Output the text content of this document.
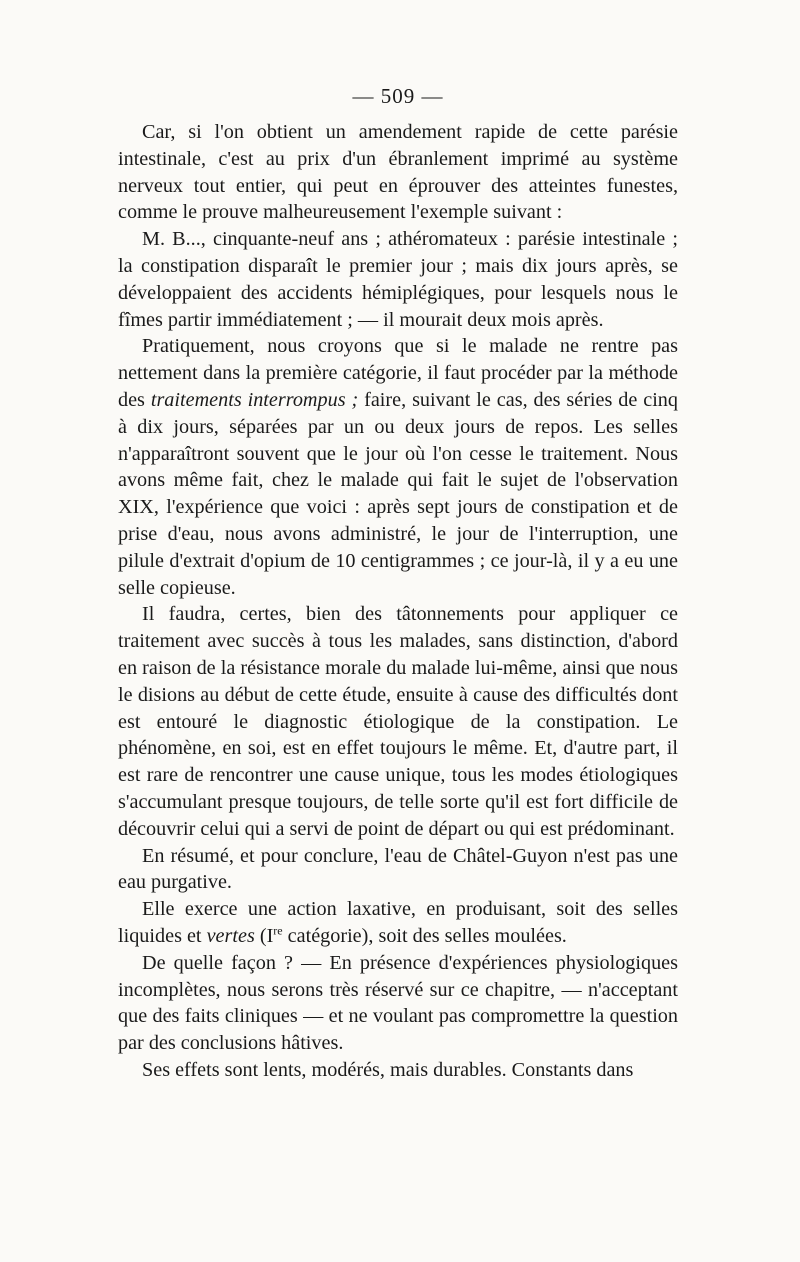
— 509 —

Car, si l'on obtient un amendement rapide de cette parésie intestinale, c'est au prix d'un ébranlement imprimé au système nerveux tout entier, qui peut en éprouver des atteintes funestes, comme le prouve malheureusement l'exemple suivant :

M. B..., cinquante-neuf ans ; athéromateux : parésie intestinale ; la constipation disparaît le premier jour ; mais dix jours après, se développaient des accidents hémiplégiques, pour lesquels nous le fîmes partir immédiatement ; — il mourait deux mois après.

Pratiquement, nous croyons que si le malade ne rentre pas nettement dans la première catégorie, il faut procéder par la méthode des traitements interrompus ; faire, suivant le cas, des séries de cinq à dix jours, séparées par un ou deux jours de repos. Les selles n'apparaîtront souvent que le jour où l'on cesse le traitement. Nous avons même fait, chez le malade qui fait le sujet de l'observation XIX, l'expérience que voici : après sept jours de constipation et de prise d'eau, nous avons administré, le jour de l'interruption, une pilule d'extrait d'opium de 10 centigrammes ; ce jour-là, il y a eu une selle copieuse.

Il faudra, certes, bien des tâtonnements pour appliquer ce traitement avec succès à tous les malades, sans distinction, d'abord en raison de la résistance morale du malade lui-même, ainsi que nous le disions au début de cette étude, ensuite à cause des difficultés dont est entouré le diagnostic étiologique de la constipation. Le phénomène, en soi, est en effet toujours le même. Et, d'autre part, il est rare de rencontrer une cause unique, tous les modes étiologiques s'accumulant presque toujours, de telle sorte qu'il est fort difficile de découvrir celui qui a servi de point de départ ou qui est prédominant.

En résumé, et pour conclure, l'eau de Châtel-Guyon n'est pas une eau purgative.

Elle exerce une action laxative, en produisant, soit des selles liquides et vertes (Ire catégorie), soit des selles moulées.

De quelle façon ? — En présence d'expériences physiologiques incomplètes, nous serons très réservé sur ce chapitre, — n'acceptant que des faits cliniques — et ne voulant pas compromettre la question par des conclusions hâtives.

Ses effets sont lents, modérés, mais durables. Constants dans
